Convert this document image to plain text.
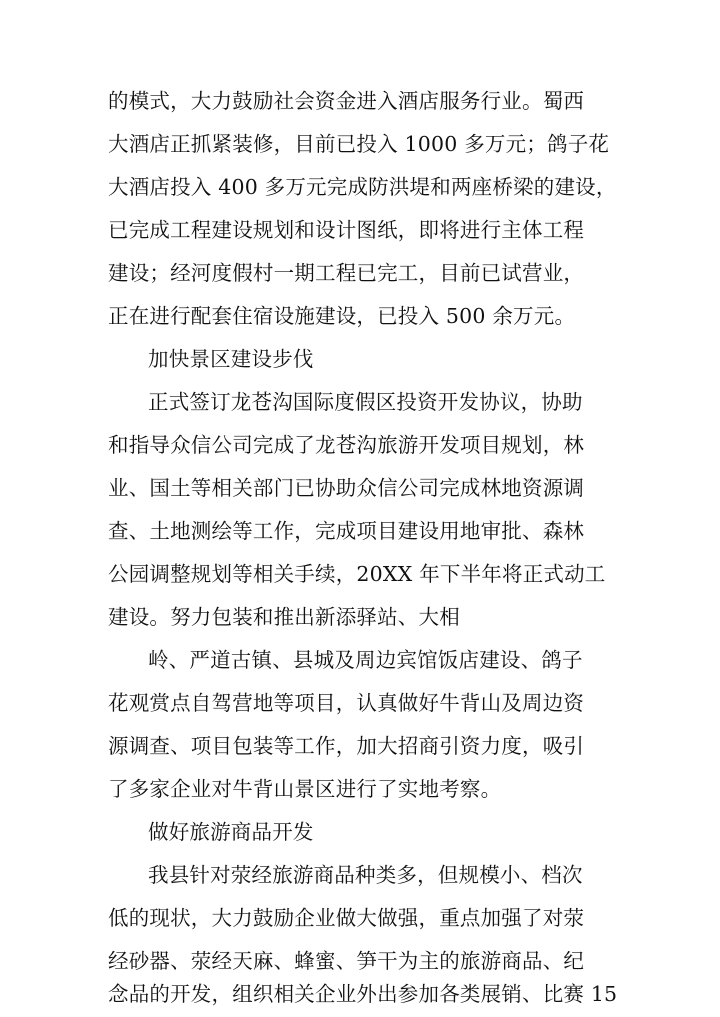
的模式，大力鼓励社会资金进入酒店服务行业。蜀西
大酒店正抓紧装修，目前已投入 1000 多万元；鸽子花
大酒店投入 400 多万元完成防洪堤和两座桥梁的建设，
已完成工程建设规划和设计图纸，即将进行主体工程
建设；经河度假村一期工程已完工，目前已试营业，
正在进行配套住宿设施建设，已投入 500 余万元。
加快景区建设步伐
正式签订龙苍沟国际度假区投资开发协议，协助
和指导众信公司完成了龙苍沟旅游开发项目规划，林
业、国土等相关部门已协助众信公司完成林地资源调
查、土地测绘等工作，完成项目建设用地审批、森林
公园调整规划等相关手续，20XX 年下半年将正式动工
建设。努力包装和推出新添驿站、大相
岭、严道古镇、县城及周边宾馆饭店建设、鸽子
花观赏点自驾营地等项目，认真做好牛背山及周边资
源调查、项目包装等工作，加大招商引资力度，吸引
了多家企业对牛背山景区进行了实地考察。
做好旅游商品开发
我县针对荥经旅游商品种类多，但规模小、档次
低的现状，大力鼓励企业做大做强，重点加强了对荥
经砂器、荥经天麻、蜂蜜、笋干为主的旅游商品、纪
念品的开发，组织相关企业外出参加各类展销、比赛 15
